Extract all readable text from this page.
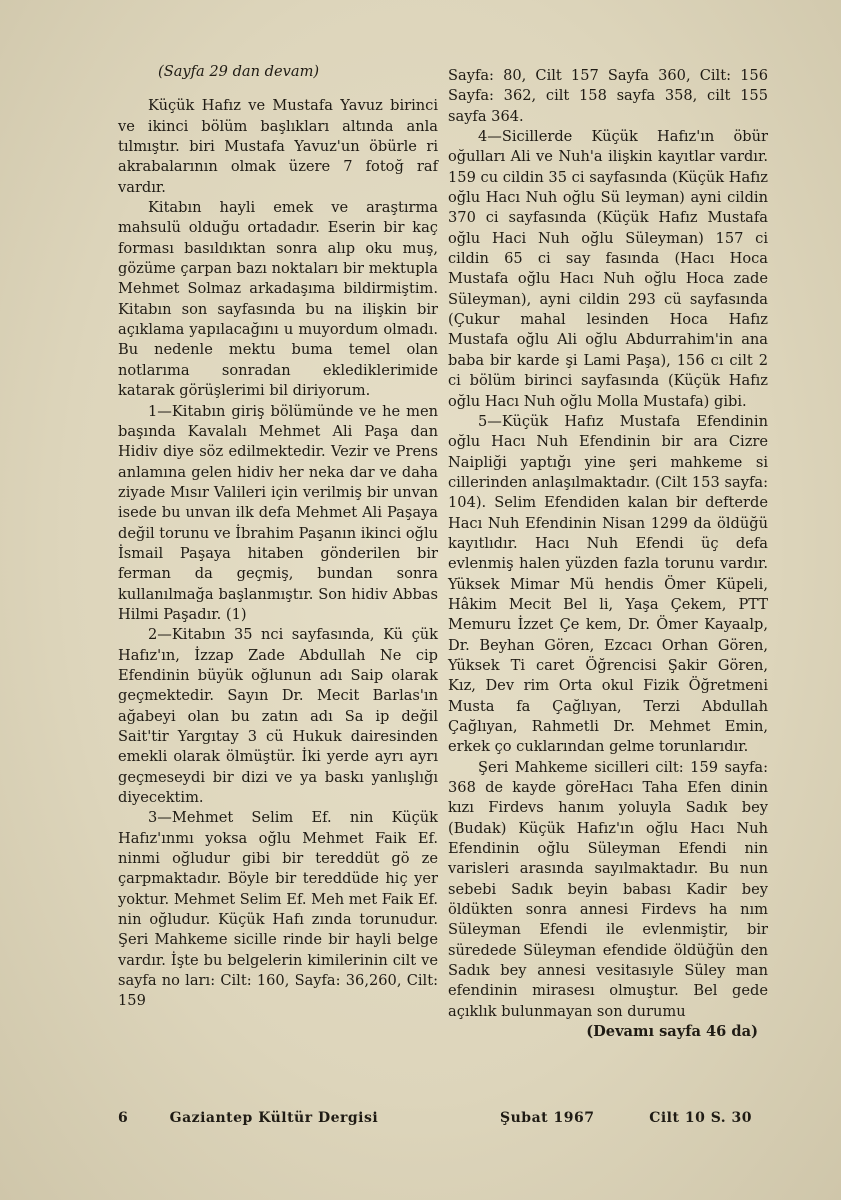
(Sayfa 29 dan devam)

Küçük Hafız ve Mustafa Yavuz birinci ve ikinci bölüm başlıkları altında anla tılmıştır. biri Mustafa Yavuz'un öbürle ri akrabalarının olmak üzere 7 fotoğ raf vardır.

Kitabın hayli emek ve araştırma mahsulü olduğu ortadadır. Eserin bir kaç forması basıldıktan sonra alıp oku muş, gözüme çarpan bazı noktaları bir mektupla Mehmet Solmaz arkadaşıma bildirmiştim. Kitabın son sayfasında bu na ilişkin bir açıklama yapılacağını u muyordum olmadı. Bu nedenle mektu buma temel olan notlarıma sonradan eklediklerimide katarak görüşlerimi bil diriyorum.

1—Kitabın giriş bölümünde ve he men başında Kavalalı Mehmet Ali Paşa dan Hidiv diye söz edilmektedir. Vezir ve Prens anlamına gelen hidiv her neka dar ve daha ziyade Mısır Valileri için verilmiş bir unvan isede bu unvan ilk defa Mehmet Ali Paşaya değil torunu ve İbrahim Paşanın ikinci oğlu İsmail Paşaya hitaben gönderilen bir ferman da geçmiş, bundan sonra kullanılmağa başlanmıştır. Son hidiv Abbas Hilmi Paşadır. (1)

2—Kitabın 35 nci sayfasında, Kü çük Hafız'ın, İzzap Zade Abdullah Ne cip Efendinin büyük oğlunun adı Saip olarak geçmektedir. Sayın Dr. Mecit Barlas'ın ağabeyi olan bu zatın adı Sa ip değil Sait'tir Yargıtay 3 cü Hukuk dairesinden emekli olarak ölmüştür. İki yerde ayrı ayrı geçmeseydi bir dizi ve ya baskı yanlışlığı diyecektim.

3—Mehmet Selim Ef. nin Küçük Hafız'ınmı yoksa oğlu Mehmet Faik Ef. ninmi oğludur gibi bir tereddüt gö ze çarpmaktadır. Böyle bir tereddüde hiç yer yoktur. Mehmet Selim Ef. Meh met Faik Ef. nin oğludur. Küçük Hafı zında torunudur. Şeri Mahkeme sicille rinde bir hayli belge vardır. İşte bu belgelerin kimilerinin cilt ve sayfa no ları: Cilt: 160, Sayfa: 36,260, Cilt: 159

Sayfa: 80, Cilt 157 Sayfa 360, Cilt: 156 Sayfa: 362, cilt 158 sayfa 358, cilt 155 sayfa 364.

4—Sicillerde Küçük Hafız'ın öbür oğulları Ali ve Nuh'a ilişkin kayıtlar vardır. 159 cu cildin 35 ci sayfasında (Küçük Hafız oğlu Hacı Nuh oğlu Sü leyman) ayni cildin 370 ci sayfasında (Küçük Hafız Mustafa oğlu Haci Nuh oğlu Süleyman) 157 ci cildin 65 ci say fasında (Hacı Hoca Mustafa oğlu Hacı Nuh oğlu Hoca zade Süleyman), ayni cildin 293 cü sayfasında (Çukur mahal lesinden Hoca Hafız Mustafa oğlu Ali oğlu Abdurrahim'in ana baba bir karde şi Lami Paşa), 156 cı cilt 2 ci bölüm birinci sayfasında (Küçük Hafız oğlu Hacı Nuh oğlu Molla Mustafa) gibi.

5—Küçük Hafız Mustafa Efendinin oğlu Hacı Nuh Efendinin bir ara Cizre Naipliği yaptığı yine şeri mahkeme si cillerinden anlaşılmaktadır. (Cilt 153 sayfa: 104). Selim Efendiden kalan bir defterde Hacı Nuh Efendinin Nisan 1299 da öldüğü kayıtlıdır. Hacı Nuh Efendi üç defa evlenmiş halen yüzden fazla torunu vardır. Yüksek Mimar Mü hendis Ömer Küpeli, Hâkim Mecit Bel li, Yaşa Çekem, PTT Memuru İzzet Çe kem, Dr. Ömer Kayaalp, Dr. Beyhan Gören, Ezcacı Orhan Gören, Yüksek Ti caret Öğrencisi Şakir Gören, Kız, Dev rim Orta okul Fizik Öğretmeni Musta fa Çağlıyan, Terzi Abdullah Çağlıyan, Rahmetli Dr. Mehmet Emin, erkek ço cuklarından gelme torunlarıdır.

Şeri Mahkeme sicilleri cilt: 159 sayfa: 368 de kayde göreHacı Taha Efen dinin kızı Firdevs hanım yoluyla Sadık bey (Budak) Küçük Hafız'ın oğlu Hacı Nuh Efendinin oğlu Süleyman Efendi nin varisleri arasında sayılmaktadır. Bu nun sebebi Sadık beyin babası Kadir bey öldükten sonra annesi Firdevs ha nım Süleyman Efendi ile evlenmiştir, bir süredede Süleyman efendide öldüğün den Sadık bey annesi vesitasıyle Süley man efendinin mirasesı olmuştur. Bel gede açıklık bulunmayan son durumu

(Devamı sayfa 46 da)

6	Gaziantep Kültür Dergisi	Şubat 1967	Cilt 10 S. 30
